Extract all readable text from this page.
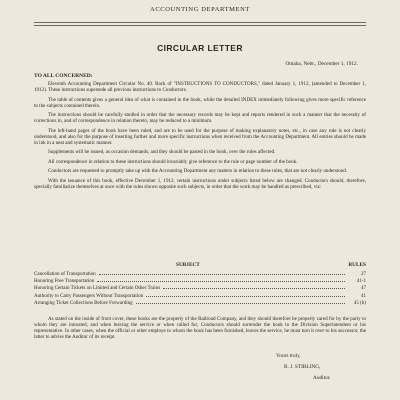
ACCOUNTING DEPARTMENT
CIRCULAR LETTER
Omaha, Nebr., December 1, 1912.
TO ALL CONCERNED:

Eleventh Accounting Department Circular No. 40. Back of "INSTRUCTIONS TO CONDUCTORS," dated January 1, 1912, (amended to December 1, 1912). These instructions supersede all previous instructions to Conductors.

The table of contents gives a general idea of what is contained in the book, while the detailed INDEX immediately following gives more specific reference to the subjects contained therein.

The instructions should be carefully studied in order that the necessary records may be kept and reports rendered in such a manner that the necessity of corrections in, and of correspondence in relation thereto, may be reduced to a minimum.

The left-hand pages of the book have been ruled, and are to be used for the purpose of making explanatory notes, etc., in case any rule is not clearly understood, and also for the purpose of inserting further and more specific instructions when received from the Accounting Department. All entries should be made in ink in a neat and systematic manner.

Supplements will be issued, as occasion demands, and they should be pasted in the book, over the rules affected.

All correspondence in relation to these instructions should invariably give reference to the rule or page number of the book.

Conductors are requested to promptly take up with the Accounting Department any matters in relation to these rules, that are not clearly understood.

With the issuance of this book, effective December 1, 1912, certain instructions under subjects listed below are changed. Conductors should, therefore, specially familiarize themselves at once with the rules shown opposite such subjects, in order that the work may be handled as prescribed, viz:

SUBJECT	RULES
Cancellation of Transportation	27
Honoring Free Transportation	41-1
Honoring Certain Tickets on Limited and Certain Other Trains	47
Authority to Carry Passengers Without Transportation	41
Arranging Ticket Collections Before Forwarding	45 (b)

As stated on the inside of front cover, these books are the property of the Railroad Company, and they should therefore be properly cared for by the party to whom they are intrusted, and when leaving the service or when called for, Conductors should surrender the book to the Division Superintendent or his representative. In other cases, when the official or other employe to whom the book has been furnished, leaves the service, he must turn it over to his successor, the latter to advise the Auditor of its receipt.

Yours truly,
B. J. STIRLING,
Auditor.
